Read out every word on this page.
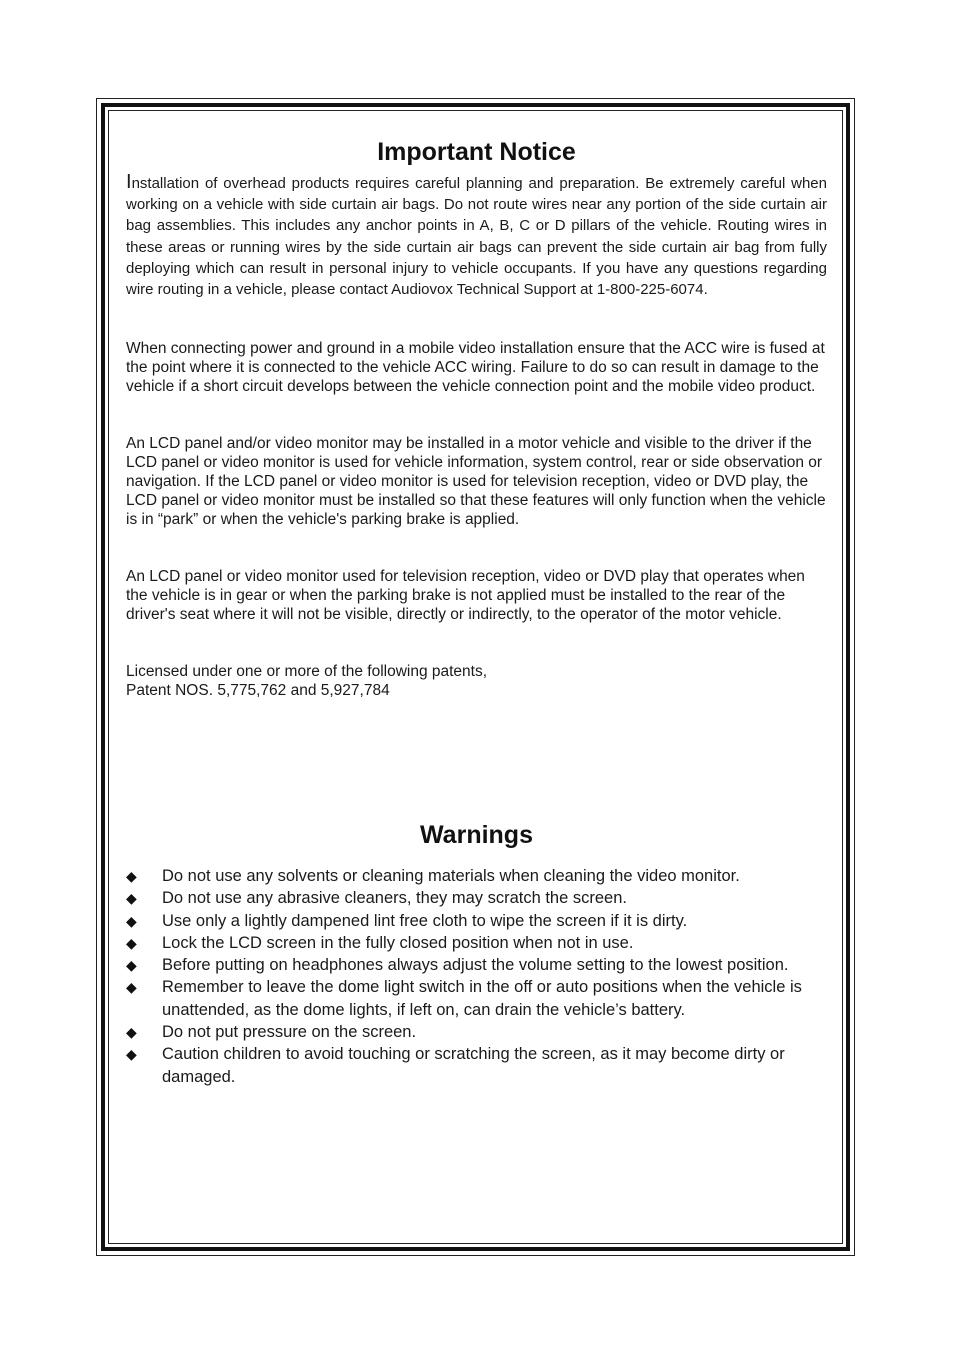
Important Notice

Installation of overhead products requires careful planning and preparation. Be extremely careful when working on a vehicle with side curtain air bags. Do not route wires near any portion of the side curtain air bag assemblies. This includes any anchor points in A, B, C or D pillars of the vehicle. Routing wires in these areas or running wires by the side curtain air bags can prevent the side curtain air bag from fully deploying which can result in personal injury to vehicle occupants. If you have any questions regarding wire routing in a vehicle, please contact Audiovox Technical Support at 1-800-225-6074.

When connecting power and ground in a mobile video installation ensure that the ACC wire is fused at the point where it is connected to the vehicle ACC wiring. Failure to do so can result in damage to the vehicle if a short circuit develops between the vehicle connection point and the mobile video product.

An LCD panel and/or video monitor may be installed in a motor vehicle and visible to the driver if the LCD panel or video monitor is used for vehicle information, system control, rear or side observation or navigation. If the LCD panel or video monitor is used for television reception, video or DVD play, the LCD panel or video monitor must be installed so that these features will only function when the vehicle is in “park” or when the vehicle's parking brake is applied.

An LCD panel or video monitor used for television reception, video or DVD play that operates when the vehicle is in gear or when the parking brake is not applied must be installed to the rear of the driver's seat where it will not be visible, directly or indirectly, to the operator of the motor vehicle.

Licensed under one or more of the following patents,
Patent NOS. 5,775,762 and 5,927,784

Warnings
◆ Do not use any solvents or cleaning materials when cleaning the video monitor.
◆ Do not use any abrasive cleaners, they may scratch the screen.
◆ Use only a lightly dampened lint free cloth to wipe the screen if it is dirty.
◆ Lock the LCD screen in the fully closed position when not in use.
◆ Before putting on headphones always adjust the volume setting to the lowest position.
◆ Remember to leave the dome light switch in the off or auto positions when the vehicle is unattended, as the dome lights, if left on, can drain the vehicle’s battery.
◆ Do not put pressure on the screen.
◆ Caution children to avoid touching or scratching the screen, as it may become dirty or damaged.
